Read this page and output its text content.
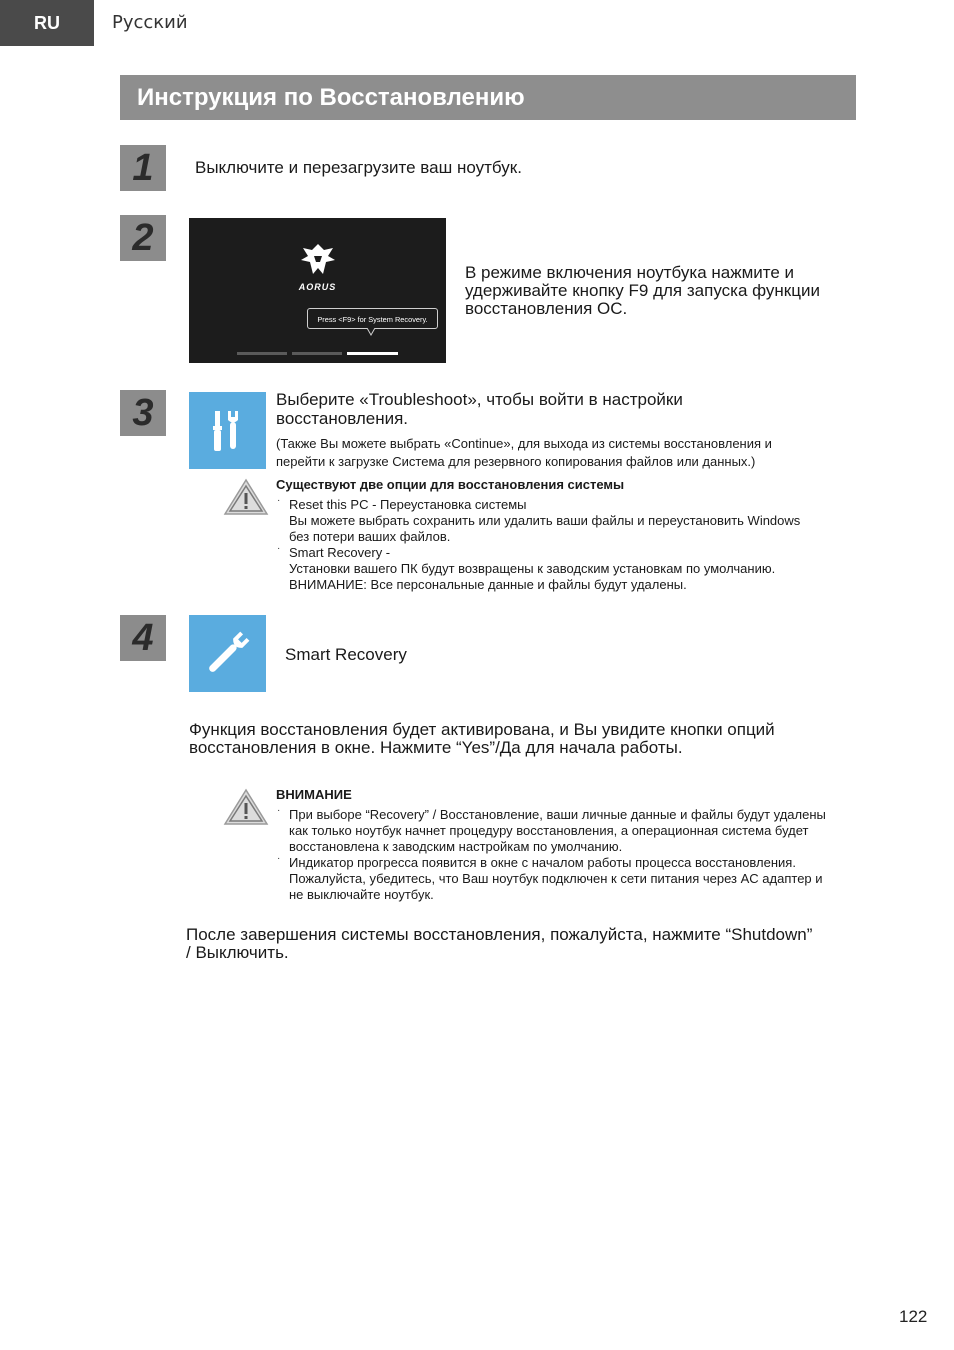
RU	Русский
Инструкция по Восстановлению
1	Выключите и перезагрузите ваш ноутбук.
2
AORUS
Press <F9> for System Recovery.
В режиме включения ноутбука нажмите и
удерживайте кнопку F9 для запуска функции
восстановления ОС.
3	Выберите «Troubleshoot», чтобы войти в настройки
восстановления.
(Также Вы можете выбрать «Continue», для выхода из системы восстановления и
перейти к загрузке Система для резервного копирования файлов или данных.)
Существуют две опции для восстановления системы
· Reset this PC - Переустановка системы
Вы можете выбрать сохранить или удалить ваши файлы и переустановить Windows
без потери ваших файлов.
· Smart Recovery -
Установки вашего ПК будут возвращены к заводским установкам по умолчанию.
ВНИМАНИЕ: Все персональные данные и файлы будут удалены.
4	Smart Recovery
Функция восстановления будет активирована, и Вы увидите кнопки опций
восстановления в окне. Нажмите “Yes”/Да для начала работы.
ВНИМАНИЕ
· При выборе “Recovery” / Восстановление, ваши личные данные и файлы будут удалены
как только ноутбук начнет процедуру восстановления, а операционная система будет
восстановлена к заводским настройкам по умолчанию.
· Индикатор прогресса появится в окне с началом работы процесса восстановления.
Пожалуйста, убедитесь, что Ваш ноутбук подключен к сети питания через AC адаптер и
не выключайте ноутбук.
После завершения системы восстановления, пожалуйста, нажмите “Shutdown”
/ Выключить.
122
